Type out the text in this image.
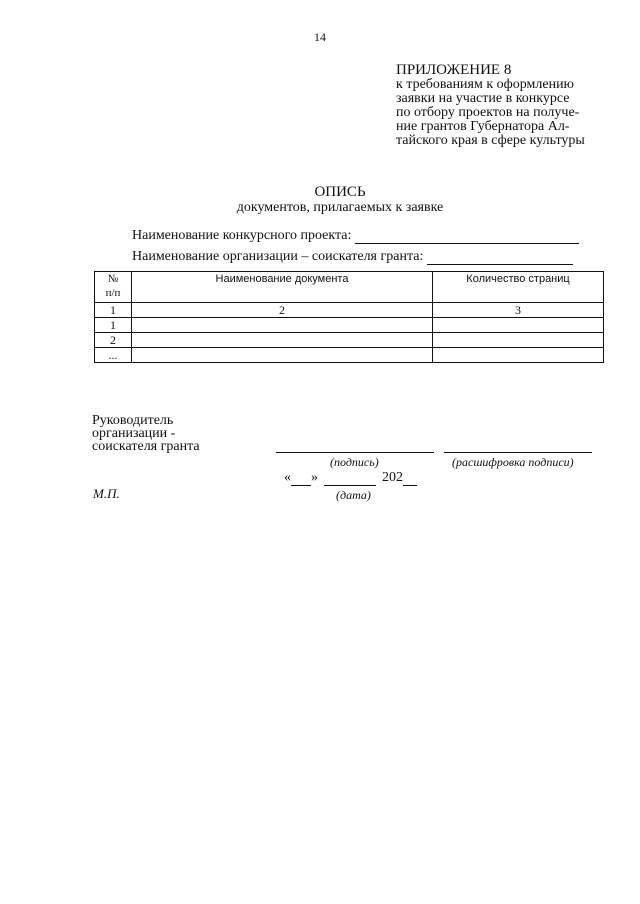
14
ПРИЛОЖЕНИЕ 8
к требованиям к оформлению
заявки на участие в конкурсе
по отбору проектов на получе-
ние грантов Губернатора Ал-
тайского края в сфере культуры
ОПИСЬ
документов, прилагаемых к заявке
Наименование конкурсного проекта:
Наименование организации – соискателя гранта:
№
п/п	Наименование документа	Количество страниц
1	2	3
1		
2		
...		
Руководитель
организации -
соискателя гранта
(подпись)	(расшифровка подписи)
« »	202
(дата)
М.П.
